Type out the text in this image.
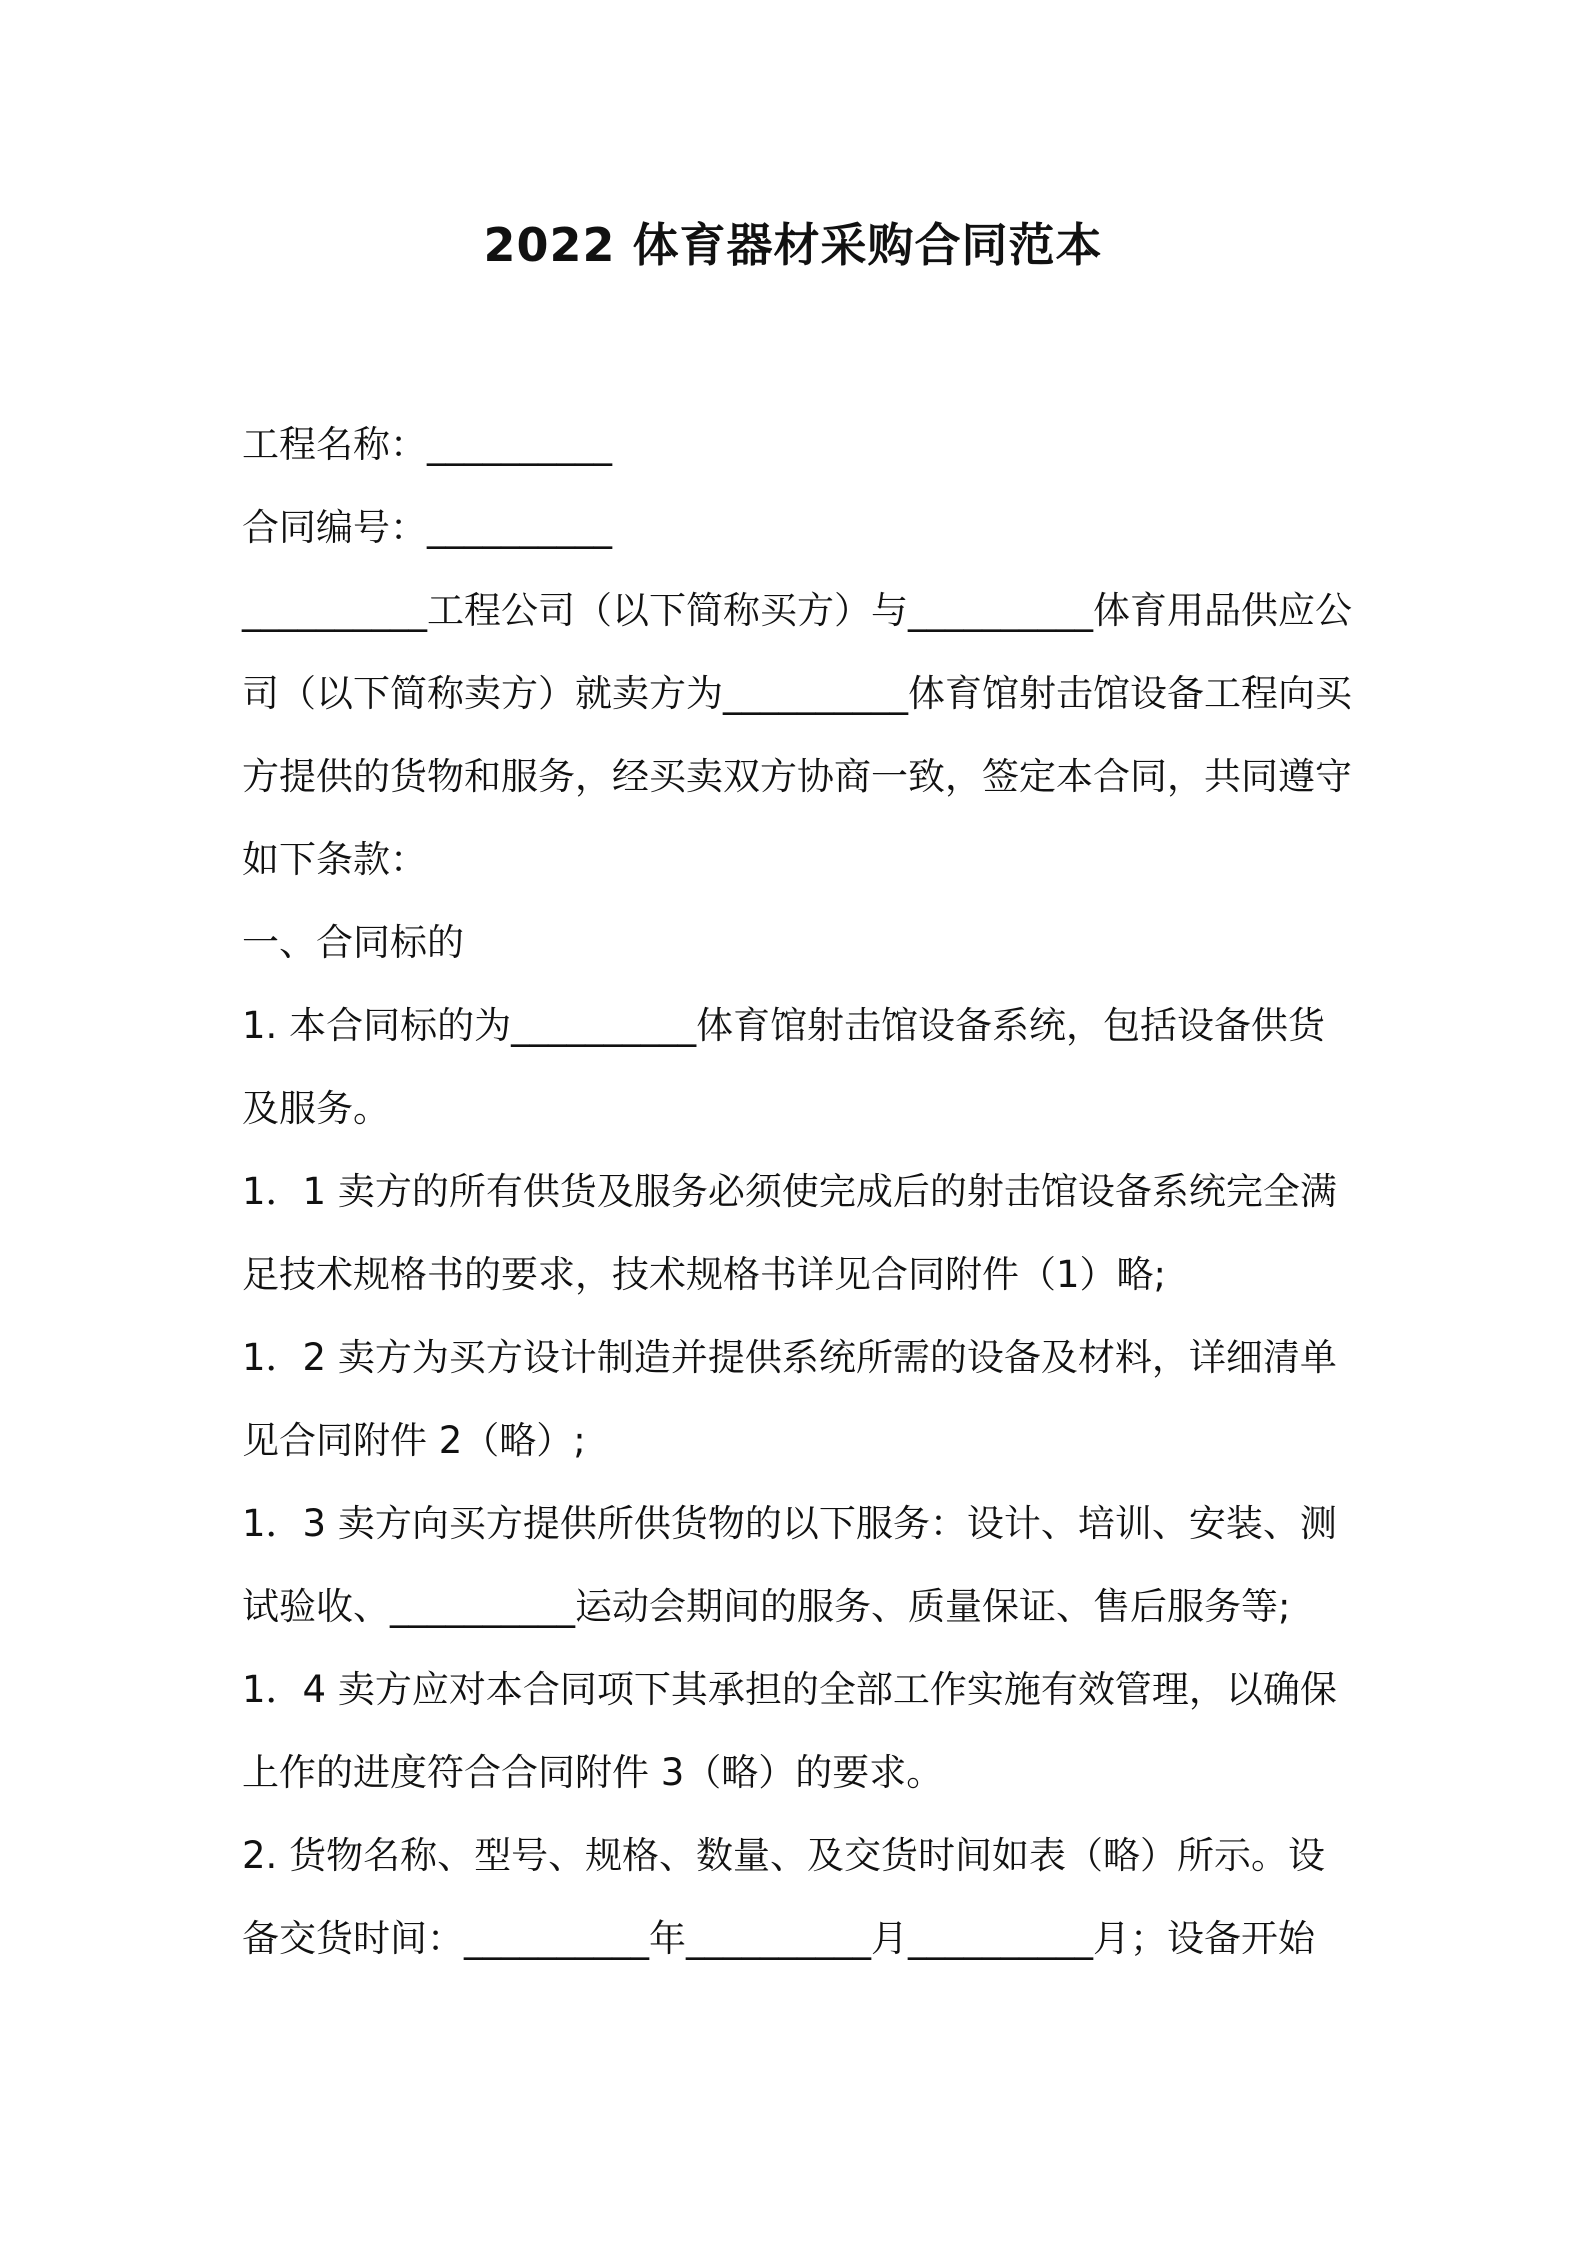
2022 体育器材采购合同范本
工程名称：__________
合同编号：__________
__________工程公司（以下简称买方）与__________体育用品供应公
司（以下简称卖方）就卖方为__________体育馆射击馆设备工程向买
方提供的货物和服务，经买卖双方协商一致，签定本合同，共同遵守
如下条款：
一、合同标的
1. 本合同标的为__________体育馆射击馆设备系统，包括设备供货
及服务。
1．1 卖方的所有供货及服务必须使完成后的射击馆设备系统完全满
足技术规格书的要求，技术规格书详见合同附件（1）略;
1．2 卖方为买方设计制造并提供系统所需的设备及材料，详细清单
见合同附件 2（略）;
1．3 卖方向买方提供所供货物的以下服务：设计、培训、安装、测
试验收、__________运动会期间的服务、质量保证、售后服务等;
1．4 卖方应对本合同项下其承担的全部工作实施有效管理，以确保
上作的进度符合合同附件 3（略）的要求。
2. 货物名称、型号、规格、数量、及交货时间如表（略）所示。设
备交货时间：__________年__________月__________月；设备开始
